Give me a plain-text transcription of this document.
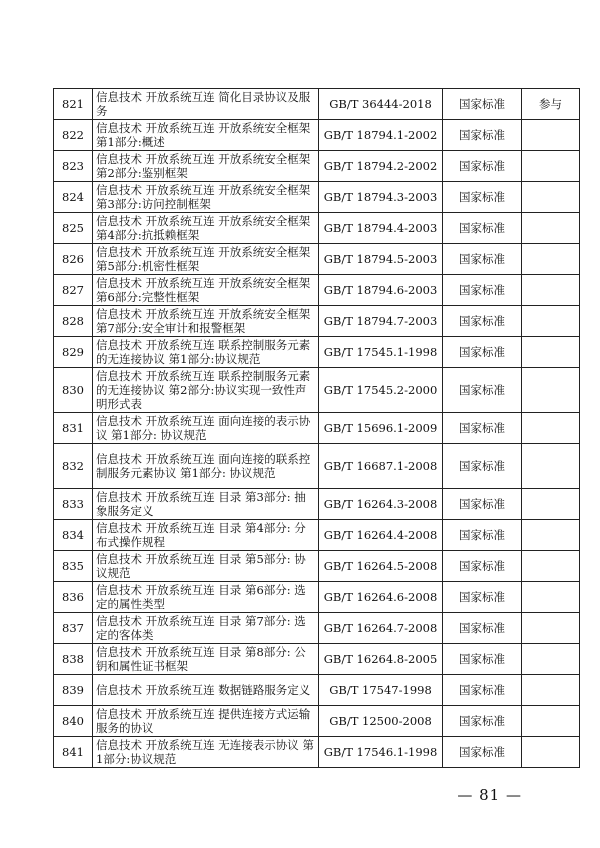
821	信息技术 开放系统互连 简化目录协议及服务	GB/T 36444-2018	国家标准	参与
822	信息技术 开放系统互连 开放系统安全框架 第1部分:概述	GB/T 18794.1-2002	国家标准	
823	信息技术 开放系统互连 开放系统安全框架 第2部分:鉴别框架	GB/T 18794.2-2002	国家标准	
824	信息技术 开放系统互连 开放系统安全框架 第3部分:访问控制框架	GB/T 18794.3-2003	国家标准	
825	信息技术 开放系统互连 开放系统安全框架 第4部分:抗抵赖框架	GB/T 18794.4-2003	国家标准	
826	信息技术 开放系统互连 开放系统安全框架 第5部分:机密性框架	GB/T 18794.5-2003	国家标准	
827	信息技术 开放系统互连 开放系统安全框架 第6部分:完整性框架	GB/T 18794.6-2003	国家标准	
828	信息技术 开放系统互连 开放系统安全框架 第7部分:安全审计和报警框架	GB/T 18794.7-2003	国家标准	
829	信息技术 开放系统互连 联系控制服务元素的无连接协议 第1部分:协议规范	GB/T 17545.1-1998	国家标准	
830	信息技术 开放系统互连 联系控制服务元素的无连接协议 第2部分:协议实现一致性声明形式表	GB/T 17545.2-2000	国家标准	
831	信息技术 开放系统互连 面向连接的表示协议 第1部分: 协议规范	GB/T 15696.1-2009	国家标准	
832	信息技术 开放系统互连 面向连接的联系控制服务元素协议 第1部分: 协议规范	GB/T 16687.1-2008	国家标准	
833	信息技术 开放系统互连 目录 第3部分: 抽象服务定义	GB/T 16264.3-2008	国家标准	
834	信息技术 开放系统互连 目录 第4部分: 分布式操作规程	GB/T 16264.4-2008	国家标准	
835	信息技术 开放系统互连 目录 第5部分: 协议规范	GB/T 16264.5-2008	国家标准	
836	信息技术 开放系统互连 目录 第6部分: 选定的属性类型	GB/T 16264.6-2008	国家标准	
837	信息技术 开放系统互连 目录 第7部分: 选定的客体类	GB/T 16264.7-2008	国家标准	
838	信息技术 开放系统互连 目录 第8部分: 公钥和属性证书框架	GB/T 16264.8-2005	国家标准	
839	信息技术 开放系统互连 数据链路服务定义	GB/T 17547-1998	国家标准	
840	信息技术 开放系统互连 提供连接方式运输服务的协议	GB/T 12500-2008	国家标准	
841	信息技术 开放系统互连 无连接表示协议 第1部分:协议规范	GB/T 17546.1-1998	国家标准	
— 81 —
